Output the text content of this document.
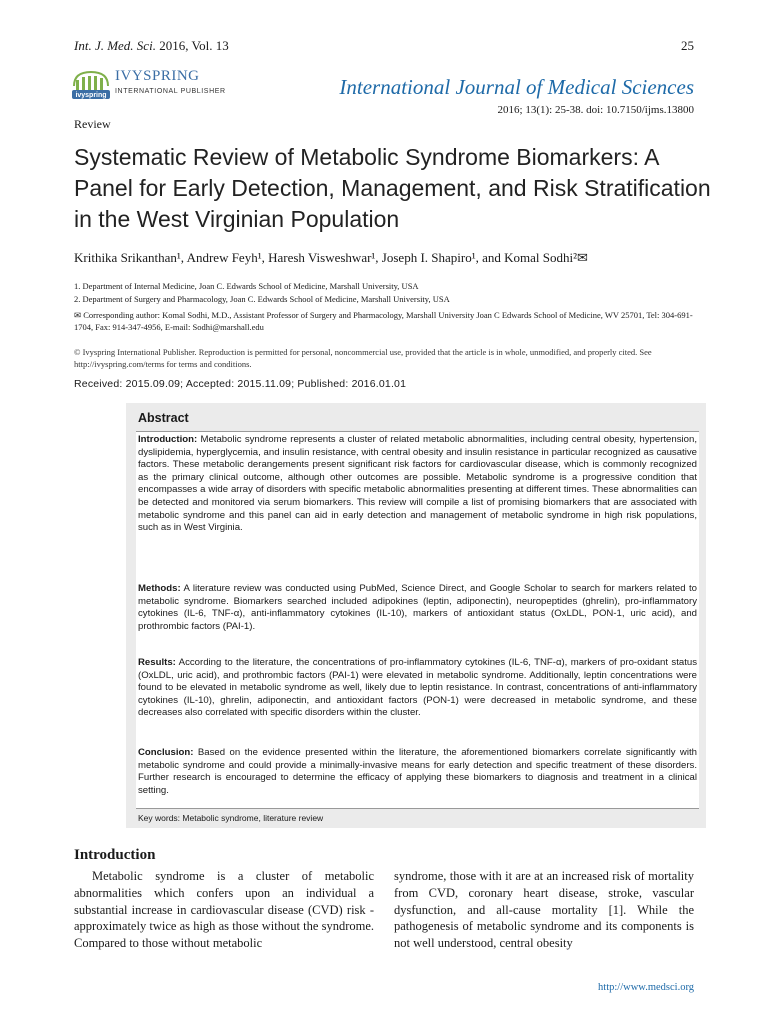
Int. J. Med. Sci. 2016, Vol. 13	25
ivyspring
IVYSPRING
INTERNATIONAL PUBLISHER	International Journal of Medical Sciences
2016; 13(1): 25-38. doi: 10.7150/ijms.13800
Review
Systematic Review of Metabolic Syndrome Biomarkers: A Panel for Early Detection, Management, and Risk Stratification in the West Virginian Population
Krithika Srikanthan¹, Andrew Feyh¹, Haresh Visweshwar¹, Joseph I. Shapiro¹, and Komal Sodhi²✉
1. Department of Internal Medicine, Joan C. Edwards School of Medicine, Marshall University, USA
2. Department of Surgery and Pharmacology, Joan C. Edwards School of Medicine, Marshall University, USA
✉ Corresponding author: Komal Sodhi, M.D., Assistant Professor of Surgery and Pharmacology, Marshall University Joan C Edwards School of Medicine, WV 25701, Tel: 304-691-1704, Fax: 914-347-4956, E-mail: Sodhi@marshall.edu
© Ivyspring International Publisher. Reproduction is permitted for personal, noncommercial use, provided that the article is in whole, unmodified, and properly cited. See http://ivyspring.com/terms for terms and conditions.
Received: 2015.09.09; Accepted: 2015.11.09; Published: 2016.01.01
Abstract
Introduction: Metabolic syndrome represents a cluster of related metabolic abnormalities, including central obesity, hypertension, dyslipidemia, hyperglycemia, and insulin resistance, with central obesity and insulin resistance in particular recognized as causative factors. These metabolic derangements present significant risk factors for cardiovascular disease, which is commonly recognized as the primary clinical outcome, although other outcomes are possible. Metabolic syndrome is a progressive condition that encompasses a wide array of disorders with specific metabolic abnormalities presenting at different times. These abnormalities can be detected and monitored via serum biomarkers. This review will compile a list of promising biomarkers that are associated with metabolic syndrome and this panel can aid in early detection and management of metabolic syndrome in high risk populations, such as in West Virginia.
Methods: A literature review was conducted using PubMed, Science Direct, and Google Scholar to search for markers related to metabolic syndrome. Biomarkers searched included adipokines (leptin, adiponectin), neuropeptides (ghrelin), pro-inflammatory cytokines (IL-6, TNF-α), anti-inflammatory cytokines (IL-10), markers of antioxidant status (OxLDL, PON-1, uric acid), and prothrombic factors (PAI-1).
Results: According to the literature, the concentrations of pro-inflammatory cytokines (IL-6, TNF-α), markers of pro-oxidant status (OxLDL, uric acid), and prothrombic factors (PAI-1) were elevated in metabolic syndrome. Additionally, leptin concentrations were found to be elevated in metabolic syndrome as well, likely due to leptin resistance. In contrast, concentrations of anti-inflammatory cytokines (IL-10), ghrelin, adiponectin, and antioxidant factors (PON-1) were decreased in metabolic syndrome, and these decreases also correlated with specific disorders within the cluster.
Conclusion: Based on the evidence presented within the literature, the aforementioned biomarkers correlate significantly with metabolic syndrome and could provide a minimally-invasive means for early detection and specific treatment of these disorders. Further research is encouraged to determine the efficacy of applying these biomarkers to diagnosis and treatment in a clinical setting.
Key words: Metabolic syndrome, literature review
Introduction
Metabolic syndrome is a cluster of metabolic abnormalities which confers upon an individual a substantial increase in cardiovascular disease (CVD) risk - approximately twice as high as those without the syndrome. Compared to those without metabolic
syndrome, those with it are at an increased risk of mortality from CVD, coronary heart disease, stroke, vascular dysfunction, and all-cause mortality [1]. While the pathogenesis of metabolic syndrome and its components is not well understood, central obesity
http://www.medsci.org
